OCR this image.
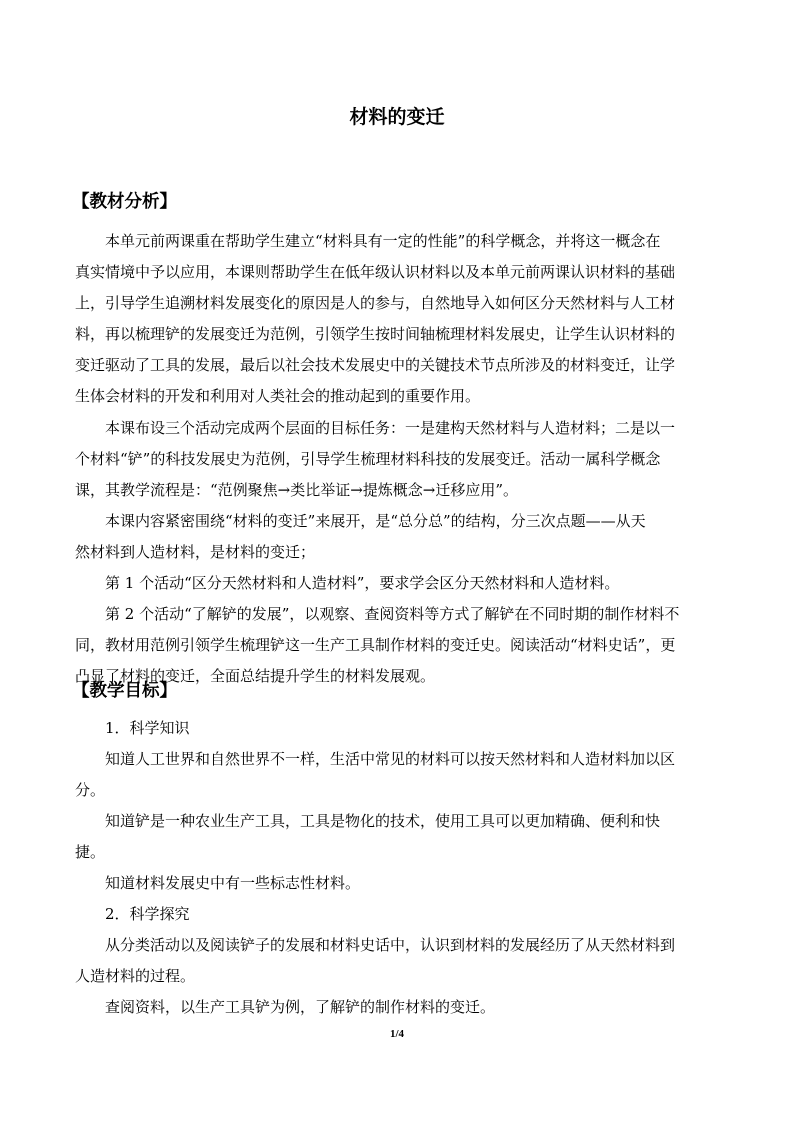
材料的变迁
【教材分析】

本单元前两课重在帮助学生建立“材料具有一定的性能”的科学概念，并将这一概念在

真实情境中予以应用，本课则帮助学生在低年级认识材料以及本单元前两课认识材料的基础

上，引导学生追溯材料发展变化的原因是人的参与，自然地导入如何区分天然材料与人工材

料，再以梳理铲的发展变迁为范例，引领学生按时间轴梳理材料发展史，让学生认识材料的

变迁驱动了工具的发展，最后以社会技术发展史中的关键技术节点所涉及的材料变迁，让学

生体会材料的开发和利用对人类社会的推动起到的重要作用。

本课布设三个活动完成两个层面的目标任务：一是建构天然材料与人造材料；二是以一

个材料“铲”的科技发展史为范例，引导学生梳理材料科技的发展变迁。活动一属科学概念

课，其教学流程是：“范例聚焦→类比举证→提炼概念→迁移应用”。

本课内容紧密围绕“材料的变迁”来展开，是“总分总”的结构，分三次点题——从天

然材料到人造材料，是材料的变迁；

第 1 个活动“区分天然材料和人造材料”，要求学会区分天然材料和人造材料。

第 2 个活动“了解铲的发展”，以观察、查阅资料等方式了解铲在不同时期的制作材料不

同，教材用范例引领学生梳理铲这一生产工具制作材料的变迁史。阅读活动“材料史话”，更

凸显了材料的变迁，全面总结提升学生的材料发展观。

【教学目标】

1．科学知识

知道人工世界和自然世界不一样，生活中常见的材料可以按天然材料和人造材料加以区

分。

知道铲是一种农业生产工具，工具是物化的技术，使用工具可以更加精确、便利和快

捷。

知道材料发展史中有一些标志性材料。

2．科学探究

从分类活动以及阅读铲子的发展和材料史话中，认识到材料的发展经历了从天然材料到

人造材料的过程。

查阅资料，以生产工具铲为例，了解铲的制作材料的变迁。

1/4
